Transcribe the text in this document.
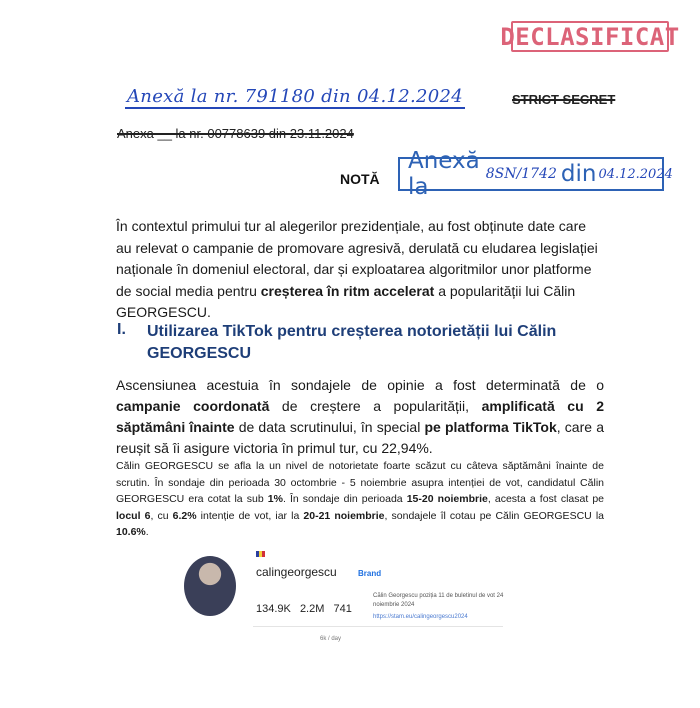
DECLASIFICAT
Anexă la nr. 791180 din 04.12.2024	STRICT SECRET
Anexa __ la nr. 00778639 din 23.11.2024
NOTĂ
Anexă la	8SN/1742 din 04.12.2024
În contextul primului tur al alegerilor prezidențiale, au fost obținute date care au relevat o campanie de promovare agresivă, derulată cu eludarea legislației naționale în domeniul electoral, dar și exploatarea algoritmilor unor platforme de social media pentru creșterea în ritm accelerat a popularității lui Călin GEORGESCU.
I. Utilizarea TikTok pentru creșterea notorietății lui Călin GEORGESCU
Ascensiunea acestuia în sondajele de opinie a fost determinată de o campanie coordonată de creștere a popularității, amplificată cu 2 săptămâni înainte de data scrutinului, în special pe platforma TikTok, care a reușit să îi asigure victoria în primul tur, cu 22,94%.
Călin GEORGESCU se afla la un nivel de notorietate foarte scăzut cu câteva săptămâni înainte de scrutin. În sondaje din perioada 30 octombrie - 5 noiembrie asupra intenției de vot, candidatul Călin GEORGESCU era cotat la sub 1%. În sondaje din perioada 15-20 noiembrie, acesta a fost clasat pe locul 6, cu 6.2% intenție de vot, iar la 20-21 noiembrie, sondajele îl cotau pe Călin GEORGESCU la 10.6%.
calingeorgescu	Brand
134.9K 2.2M 741
Călin Georgescu poziția 11 de buletinul de vot 24 noiembrie 2024
https://stam.eu/calingeorgescu2024
6k / day
